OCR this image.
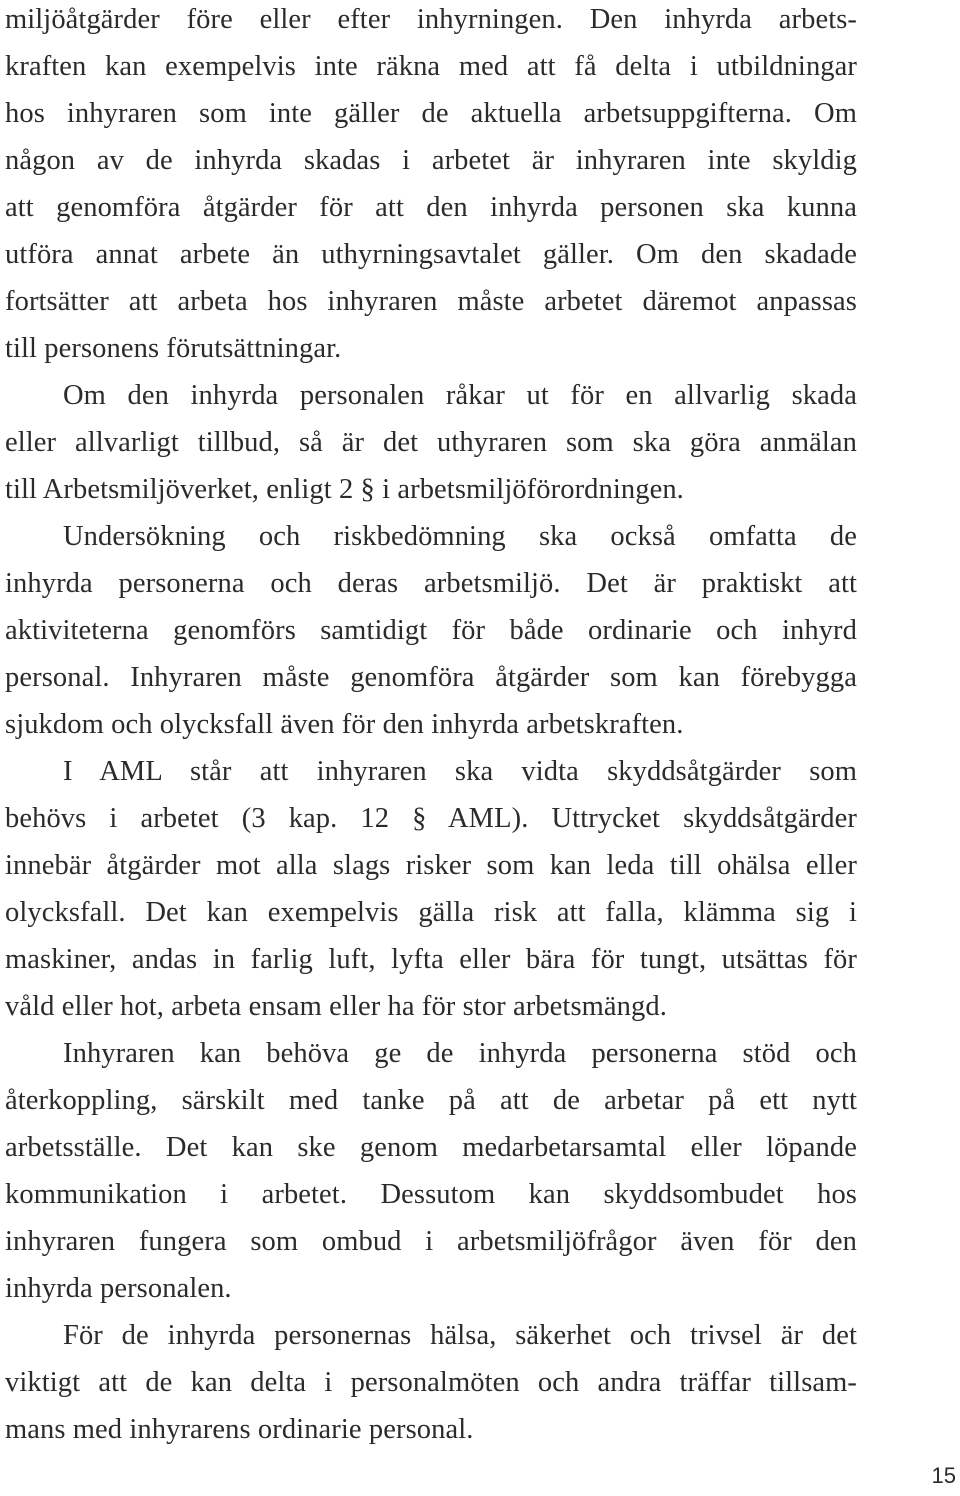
miljöåtgärder före eller efter inhyrningen. Den inhyrda arbets-
kraften kan exempelvis inte räkna med att få delta i utbildningar
hos inhyraren som inte gäller de aktuella arbetsuppgifterna. Om
någon av de inhyrda skadas i arbetet är inhyraren inte skyldig
att genomföra åtgärder för att den inhyrda personen ska kunna
utföra annat arbete än uthyrningsavtalet gäller. Om den skadade
fortsätter att arbeta hos inhyraren måste arbetet däremot anpassas
till personens förutsättningar.
Om den inhyrda personalen råkar ut för en allvarlig skada
eller allvarligt tillbud, så är det uthyraren som ska göra anmälan
till Arbetsmiljöverket, enligt 2 § i arbetsmiljöförordningen.
Undersökning och riskbedömning ska också omfatta de
inhyrda personerna och deras arbetsmiljö. Det är praktiskt att
aktiviteterna genomförs samtidigt för både ordinarie och inhyrd
personal. Inhyraren måste genomföra åtgärder som kan förebygga
sjukdom och olycksfall även för den inhyrda arbetskraften.
I AML står att inhyraren ska vidta skyddsåtgärder som
behövs i arbetet (3 kap. 12 § AML). Uttrycket skyddsåtgärder
innebär åtgärder mot alla slags risker som kan leda till ohälsa eller
olycksfall. Det kan exempelvis gälla risk att falla, klämma sig i
maskiner, andas in farlig luft, lyfta eller bära för tungt, utsättas för
våld eller hot, arbeta ensam eller ha för stor arbetsmängd.
Inhyraren kan behöva ge de inhyrda personerna stöd och
återkoppling, särskilt med tanke på att de arbetar på ett nytt
arbetsställe. Det kan ske genom medarbetarsamtal eller löpande
kommunikation i arbetet. Dessutom kan skyddsombudet hos
inhyraren fungera som ombud i arbetsmiljöfrågor även för den
inhyrda personalen.
För de inhyrda personernas hälsa, säkerhet och trivsel är det
viktigt att de kan delta i personalmöten och andra träffar tillsam-
mans med inhyrarens ordinarie personal.
15
